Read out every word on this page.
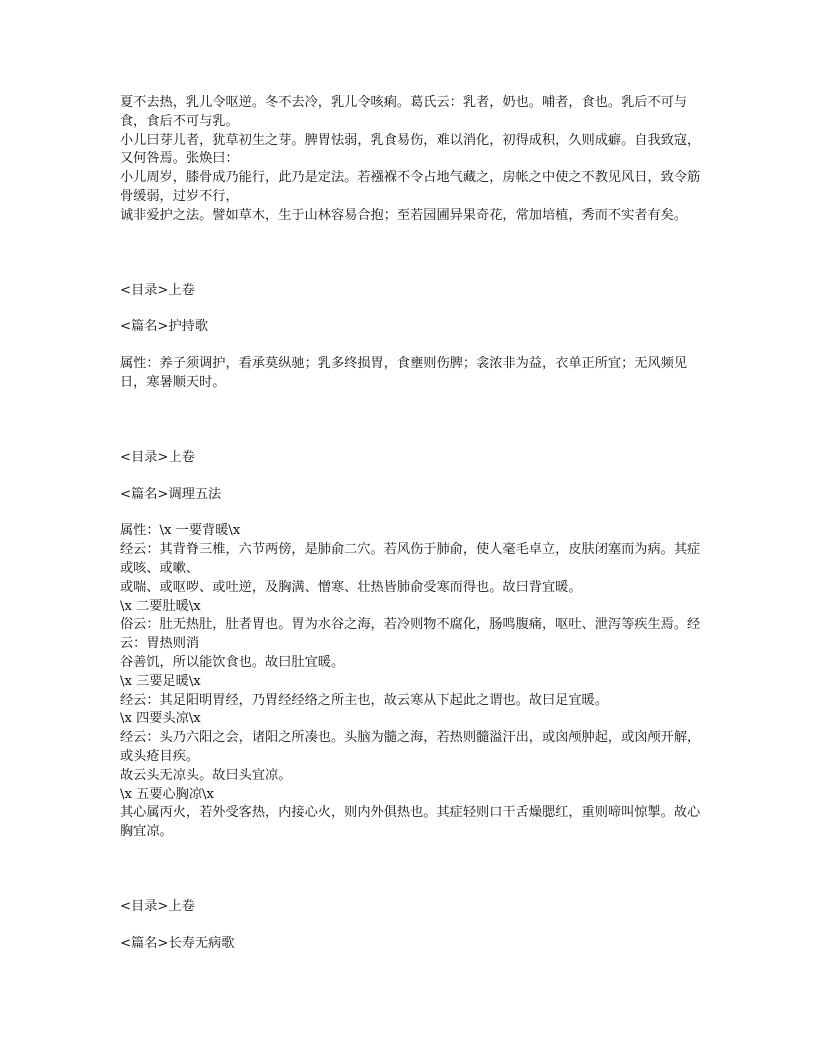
夏不去热，乳儿令呕逆。冬不去冷，乳儿令咳痢。葛氏云：乳者，奶也。哺者，食也。乳后不可与食，食后不可与乳。
小儿曰芽儿者，犹草初生之芽。脾胃怯弱，乳食易伤，难以消化，初得成积，久则成癖。自我致寇，又何咎焉。张焕曰：
小儿周岁，膝骨成乃能行，此乃是定法。若襁褓不令占地气藏之，房帐之中使之不教见风日，致令筋骨缓弱，过岁不行，
诚非爱护之法。譬如草木，生于山林容易合抱；至若园圃异果奇花，常加培植，秀而不实者有矣。
<目录>上卷
<篇名>护持歌
属性：养子须调护，看承莫纵驰；乳多终损胃，食壅则伤脾；衾浓非为益，衣单正所宜；无风频见日，寒暑顺天时。
<目录>上卷
<篇名>调理五法
属性：\x 一要背暖\x
经云：其背脊三椎，六节两傍，是肺俞二穴。若风伤于肺俞，使人毫毛卓立，皮肤闭塞而为病。其症或咳、或嗽、
或喘、或呕哕、或吐逆，及胸满、憎寒、壮热皆肺俞受寒而得也。故曰背宜暖。
\x 二要肚暖\x
俗云：肚无热肚，肚者胃也。胃为水谷之海，若冷则物不腐化，肠鸣腹痛，呕吐、泄泻等疾生焉。经云：胃热则消
谷善饥，所以能饮食也。故曰肚宜暖。
\x 三要足暖\x
经云：其足阳明胃经，乃胃经经络之所主也，故云寒从下起此之谓也。故曰足宜暖。
\x 四要头凉\x
经云：头乃六阳之会，诸阳之所凑也。头脑为髓之海，若热则髓溢汗出，或囟颅肿起，或囟颅开解，或头疮目疾。
故云头无凉头。故曰头宜凉。
\x 五要心胸凉\x
其心属丙火，若外受客热，内接心火，则内外俱热也。其症轻则口干舌燥腮红，重则啼叫惊掣。故心胸宜凉。
<目录>上卷
<篇名>长寿无病歌
